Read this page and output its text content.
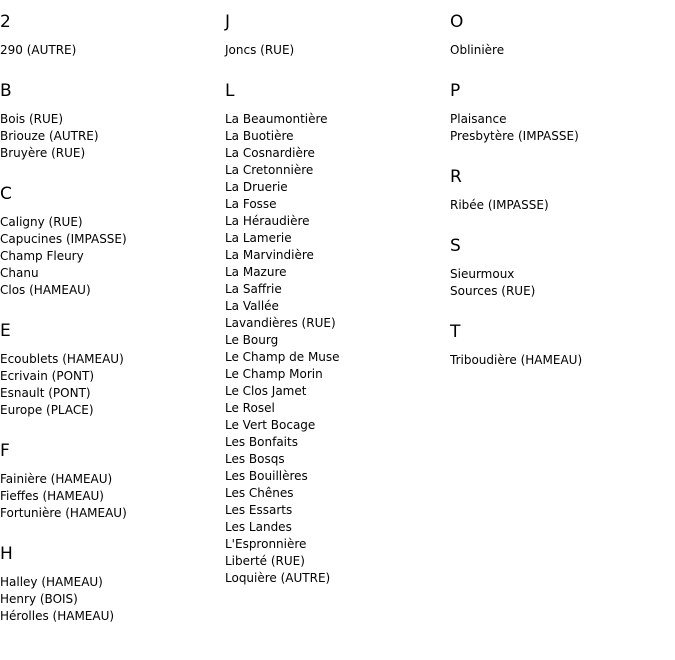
2
290 (AUTRE)
B
Bois (RUE)
Briouze (AUTRE)
Bruyère (RUE)
C
Caligny (RUE)
Capucines (IMPASSE)
Champ Fleury
Chanu
Clos (HAMEAU)
E
Ecoublets (HAMEAU)
Ecrivain (PONT)
Esnault (PONT)
Europe (PLACE)
F
Fainière (HAMEAU)
Fieffes (HAMEAU)
Fortunière (HAMEAU)
H
Halley (HAMEAU)
Henry (BOIS)
Hérolles (HAMEAU)
J
Joncs (RUE)
L
La Beaumontière
La Buotière
La Cosnardière
La Cretonnière
La Druerie
La Fosse
La Héraudière
La Lamerie
La Marvindière
La Mazure
La Saffrie
La Vallée
Lavandières (RUE)
Le Bourg
Le Champ de Muse
Le Champ Morin
Le Clos Jamet
Le Rosel
Le Vert Bocage
Les Bonfaits
Les Bosqs
Les Bouillères
Les Chênes
Les Essarts
Les Landes
L'Espronnière
Liberté (RUE)
Loquière (AUTRE)
O
Oblinière
P
Plaisance
Presbytère (IMPASSE)
R
Ribée (IMPASSE)
S
Sieurmoux
Sources (RUE)
T
Triboudière (HAMEAU)
